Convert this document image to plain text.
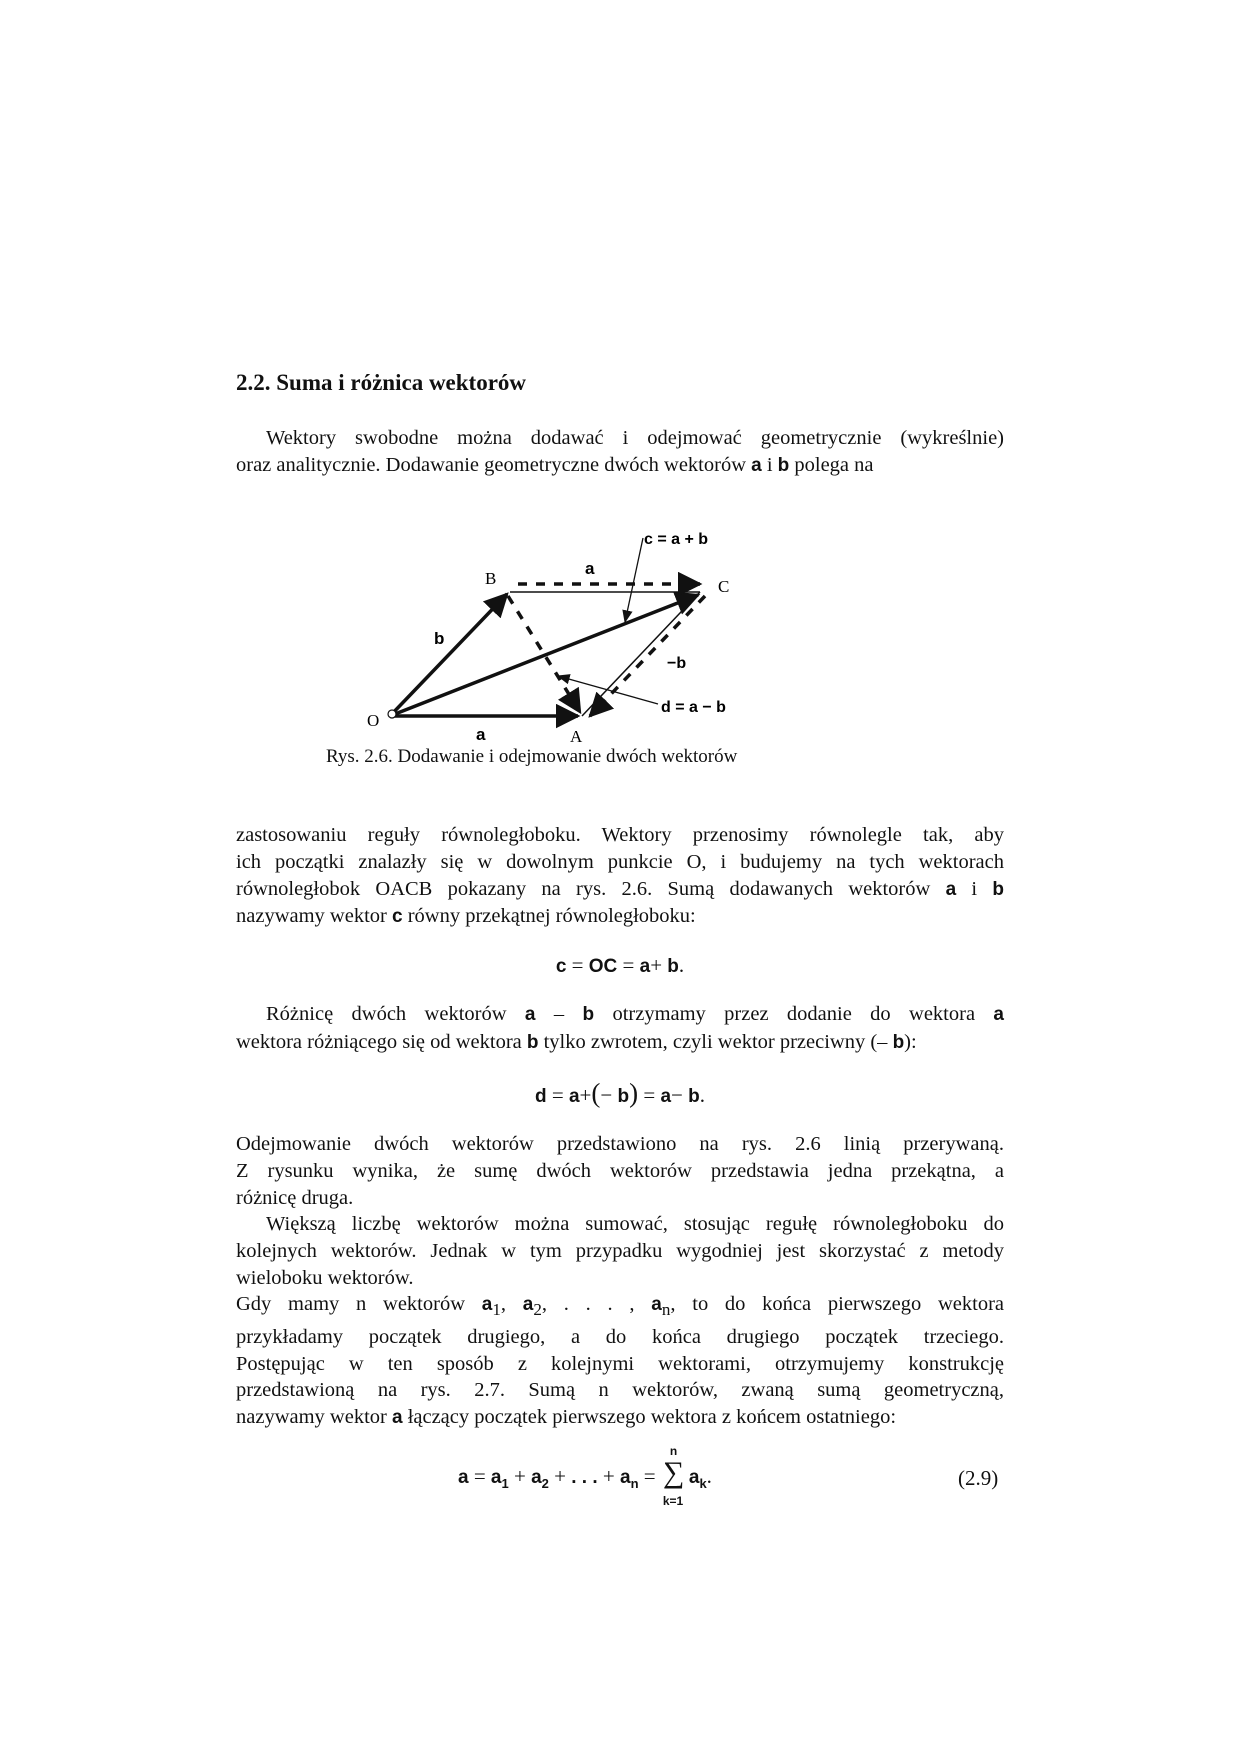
2.2. Suma i różnica wektorów

Wektory swobodne można dodawać i odejmować geometrycznie (wykreślnie)
oraz analitycznie. Dodawanie geometryczne dwóch wektorów a i b polega na

c = a + b
a
B	C
b
−b
d = a − b
O
a	A
Rys. 2.6. Dodawanie i odejmowanie dwóch wektorów

zastosowaniu reguły równoległoboku. Wektory przenosimy równolegle tak, aby
ich początki znalazły się w dowolnym punkcie O, i budujemy na tych wektorach
równoległobok OACB pokazany na rys. 2.6. Sumą dodawanych wektorów a i b
nazywamy wektor c równy przekątnej równoległoboku:

c = OC = a+ b.

Różnicę dwóch wektorów a – b otrzymamy przez dodanie do wektora a
wektora różniącego się od wektora b tylko zwrotem, czyli wektor przeciwny (– b):

d = a+(− b) = a− b.

Odejmowanie dwóch wektorów przedstawiono na rys. 2.6 linią przerywaną.
Z rysunku wynika, że sumę dwóch wektorów przedstawia jedna przekątna, a
różnicę druga.

Większą liczbę wektorów można sumować, stosując regułę równoległoboku do
kolejnych wektorów. Jednak w tym przypadku wygodniej jest skorzystać z metody
wieloboku wektorów.

Gdy mamy n wektorów $a_1$, $a_2$, . . . , $a_n$, to do końca pierwszego wektora
przykładamy początek drugiego, a do końca drugiego początek trzeciego.
Postępując w ten sposób z kolejnymi wektorami, otrzymujemy konstrukcję
przedstawioną na rys. 2.7. Sumą n wektorów, zwaną sumą geometryczną,
nazywamy wektor a łączący początek pierwszego wektora z końcem ostatniego:

$a = a_1 + a_2$ + . . . + $a_n$ =
n
∑
k=1
$a_k$.	(2.9)
